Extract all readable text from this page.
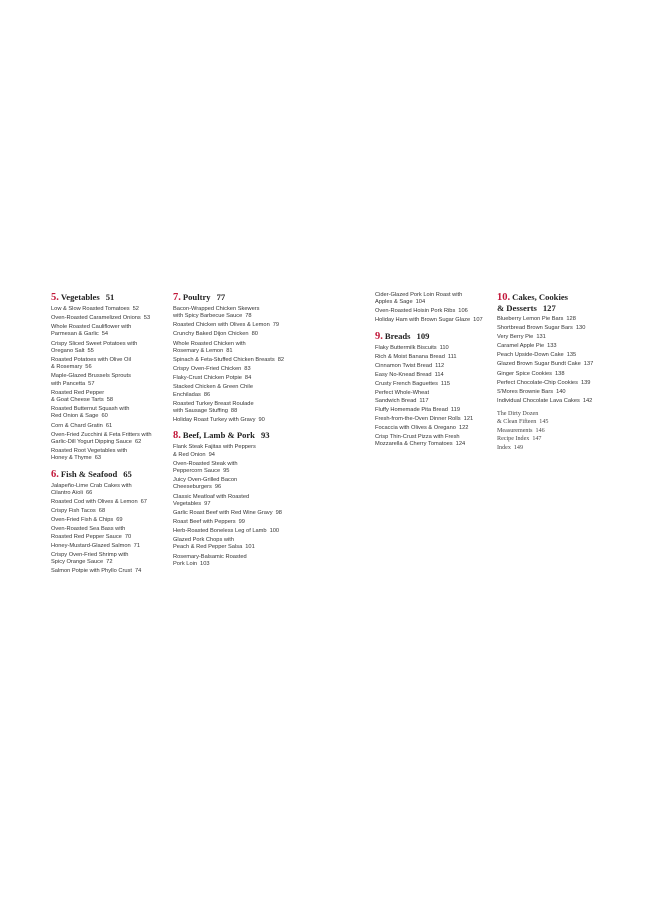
5. Vegetables 51
Low & Slow Roasted Tomatoes 52
Oven-Roasted Caramelized Onions 53
Whole Roasted Cauliflower with
Parmesan & Garlic 54
Crispy Sliced Sweet Potatoes with
Oregano Salt 55
Roasted Potatoes with Olive Oil
& Rosemary 56
Maple-Glazed Brussels Sprouts
with Pancetta 57
Roasted Red Pepper
& Goat Cheese Tarts 58
Roasted Butternut Squash with
Red Onion & Sage 60
Corn & Chard Gratin 61
Oven-Fried Zucchini & Feta Fritters with
Garlic-Dill Yogurt Dipping Sauce 62
Roasted Root Vegetables with
Honey & Thyme 63
6. Fish & Seafood 65
Jalapeño-Lime Crab Cakes with
Cilantro Aïoli 66
Roasted Cod with Olives & Lemon 67
Crispy Fish Tacos 68
Oven-Fried Fish & Chips 69
Oven-Roasted Sea Bass with
Roasted Red Pepper Sauce 70
Honey-Mustard-Glazed Salmon 71
Crispy Oven-Fried Shrimp with
Spicy Orange Sauce 72
Salmon Potpie with Phyllo Crust 74
7. Poultry 77
Bacon-Wrapped Chicken Skewers
with Spicy Barbecue Sauce 78
Roasted Chicken with Olives & Lemon 79
Crunchy Baked Dijon Chicken 80
Whole Roasted Chicken with
Rosemary & Lemon 81
Spinach & Feta-Stuffed Chicken Breasts 82
Crispy Oven-Fried Chicken 83
Flaky-Crust Chicken Potpie 84
Stacked Chicken & Green Chile
Enchiladas 86
Roasted Turkey Breast Roulade
with Sausage Stuffing 88
Holiday Roast Turkey with Gravy 90
8. Beef, Lamb & Pork 93
Flank Steak Fajitas with Peppers
& Red Onion 94
Oven-Roasted Steak with
Peppercorn Sauce 95
Juicy Oven-Grilled Bacon
Cheeseburgers 96
Classic Meatloaf with Roasted
Vegetables 97
Garlic Roast Beef with Red Wine Gravy 98
Roast Beef with Peppers 99
Herb-Roasted Boneless Leg of Lamb 100
Glazed Pork Chops with
Peach & Red Pepper Salsa 101
Rosemary-Balsamic Roasted
Pork Loin 103
Cider-Glazed Pork Loin Roast with
Apples & Sage 104
Oven-Roasted Hoisin Pork Ribs 106
Holiday Ham with Brown Sugar Glaze 107
9. Breads 109
Flaky Buttermilk Biscuits 110
Rich & Moist Banana Bread 111
Cinnamon Twist Bread 112
Easy No-Knead Bread 114
Crusty French Baguettes 115
Perfect Whole-Wheat
Sandwich Bread 117
Fluffy Homemade Pita Bread 119
Fresh-from-the-Oven Dinner Rolls 121
Focaccia with Olives & Oregano 122
Crisp Thin-Crust Pizza with Fresh
Mozzarella & Cherry Tomatoes 124
10. Cakes, Cookies
& Desserts 127
Blueberry Lemon Pie Bars 128
Shortbread Brown Sugar Bars 130
Very Berry Pie 131
Caramel Apple Pie 133
Peach Upside-Down Cake 135
Glazed Brown Sugar Bundt Cake 137
Ginger Spice Cookies 138
Perfect Chocolate-Chip Cookies 139
S'Mores Brownie Bars 140
Individual Chocolate Lava Cakes 142
The Dirty Dozen
& Clean Fifteen 145
Measurements 146
Recipe Index 147
Index 149
